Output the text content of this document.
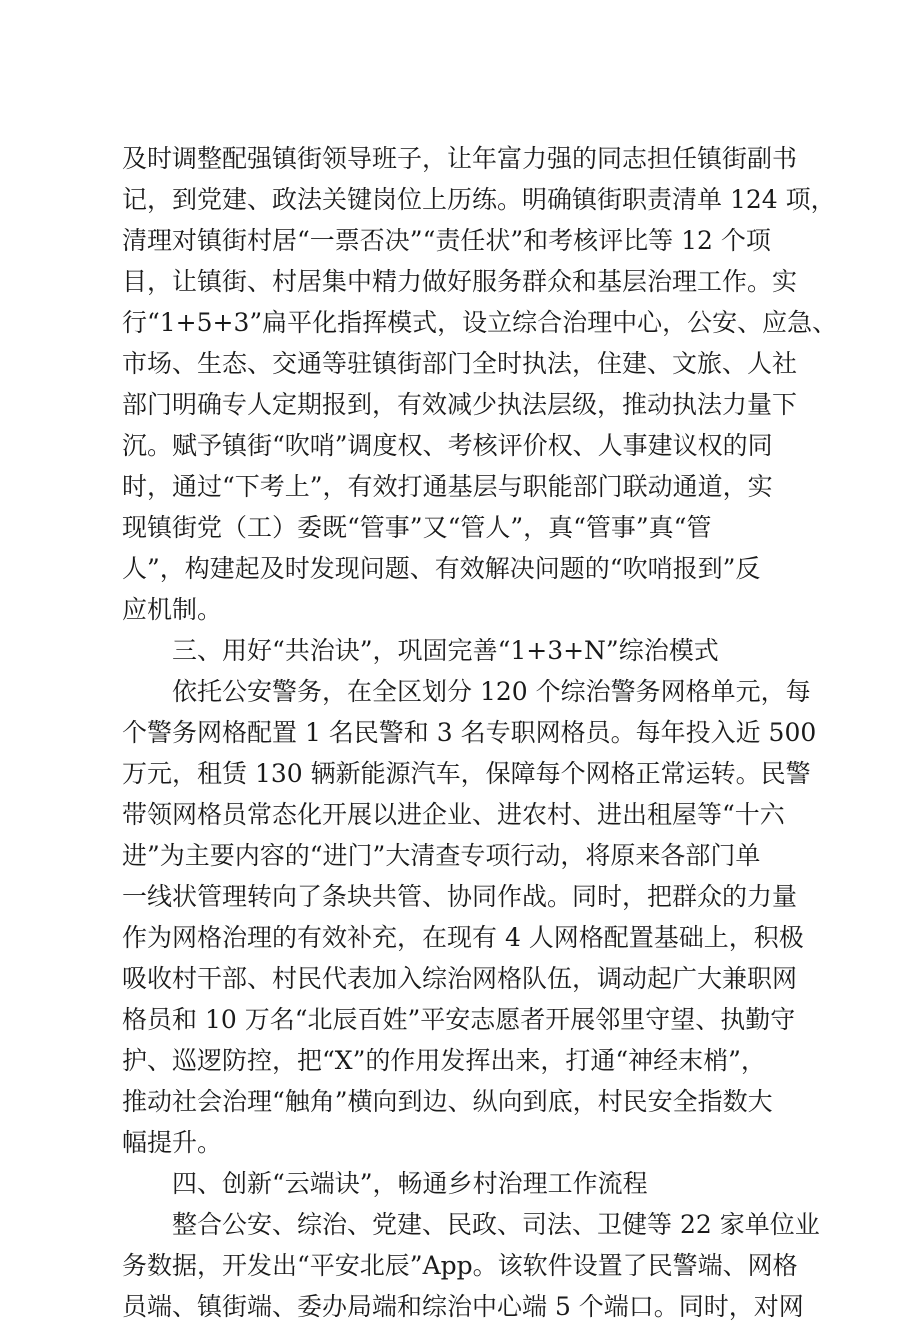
及时调整配强镇街领导班子，让年富力强的同志担任镇街副书
记，到党建、政法关键岗位上历练。明确镇街职责清单 124 项，
清理对镇街村居“一票否决”“责任状”和考核评比等 12 个项
目，让镇街、村居集中精力做好服务群众和基层治理工作。实
行“1+5+3”扁平化指挥模式，设立综合治理中心，公安、应急、
市场、生态、交通等驻镇街部门全时执法，住建、文旅、人社
部门明确专人定期报到，有效减少执法层级，推动执法力量下
沉。赋予镇街“吹哨”调度权、考核评价权、人事建议权的同
时，通过“下考上”，有效打通基层与职能部门联动通道，实
现镇街党（工）委既“管事”又“管人”，真“管事”真“管
人”，构建起及时发现问题、有效解决问题的“吹哨报到”反
应机制。
三、用好“共治诀”，巩固完善“1+3+N”综治模式
依托公安警务，在全区划分 120 个综治警务网格单元，每
个警务网格配置 1 名民警和 3 名专职网格员。每年投入近 500
万元，租赁 130 辆新能源汽车，保障每个网格正常运转。民警
带领网格员常态化开展以进企业、进农村、进出租屋等“十六
进”为主要内容的“进门”大清查专项行动，将原来各部门单
一线状管理转向了条块共管、协同作战。同时，把群众的力量
作为网格治理的有效补充，在现有 4 人网格配置基础上，积极
吸收村干部、村民代表加入综治网格队伍，调动起广大兼职网
格员和 10 万名“北辰百姓”平安志愿者开展邻里守望、执勤守
护、巡逻防控，把“X”的作用发挥出来，打通“神经末梢”，
推动社会治理“触角”横向到边、纵向到底，村民安全指数大
幅提升。
四、创新“云端诀”，畅通乡村治理工作流程
整合公安、综治、党建、民政、司法、卫健等 22 家单位业
务数据，开发出“平安北辰”App。该软件设置了民警端、网格
员端、镇街端、委办局端和综治中心端 5 个端口。同时，对网
